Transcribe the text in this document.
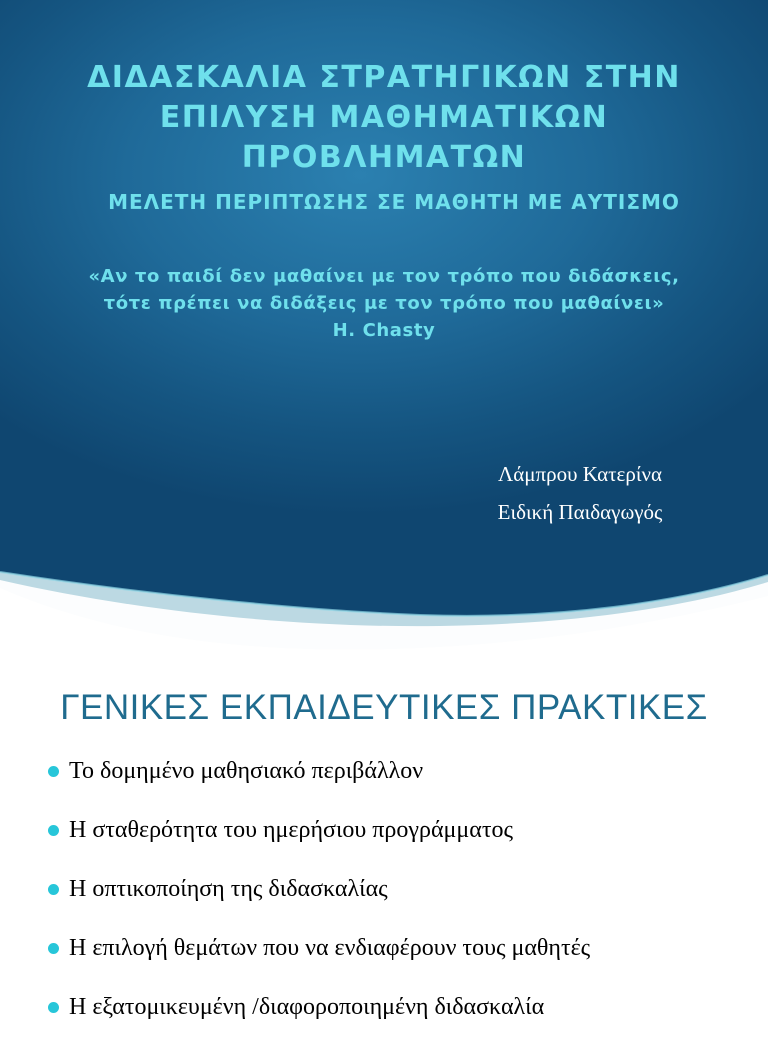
ΔΙΔΑΣΚΑΛΙΑ ΣΤΡΑΤΗΓΙΚΩΝ ΣΤΗΝ
ΕΠΙΛΥΣΗ ΜΑΘΗΜΑΤΙΚΩΝ
ΠΡΟΒΛΗΜΑΤΩΝ
ΜΕΛΕΤΗ ΠΕΡΙΠΤΩΣΗΣ ΣΕ ΜΑΘΗΤΗ ΜΕ ΑΥΤΙΣΜΟ
«Αν το παιδί δεν μαθαίνει με τον τρόπο που διδάσκεις,
τότε πρέπει να διδάξεις με τον τρόπο που μαθαίνει»
H. Chasty
Λάμπρου Κατερίνα
Ειδική Παιδαγωγός
ΓΕΝΙΚΕΣ ΕΚΠΑΙΔΕΥΤΙΚΕΣ ΠΡΑΚΤΙΚΕΣ
Το δομημένο μαθησιακό περιβάλλον
Η σταθερότητα του ημερήσιου προγράμματος
Η οπτικοποίηση της διδασκαλίας
Η επιλογή θεμάτων που να ενδιαφέρουν τους μαθητές
Η εξατομικευμένη /διαφοροποιημένη διδασκαλία
